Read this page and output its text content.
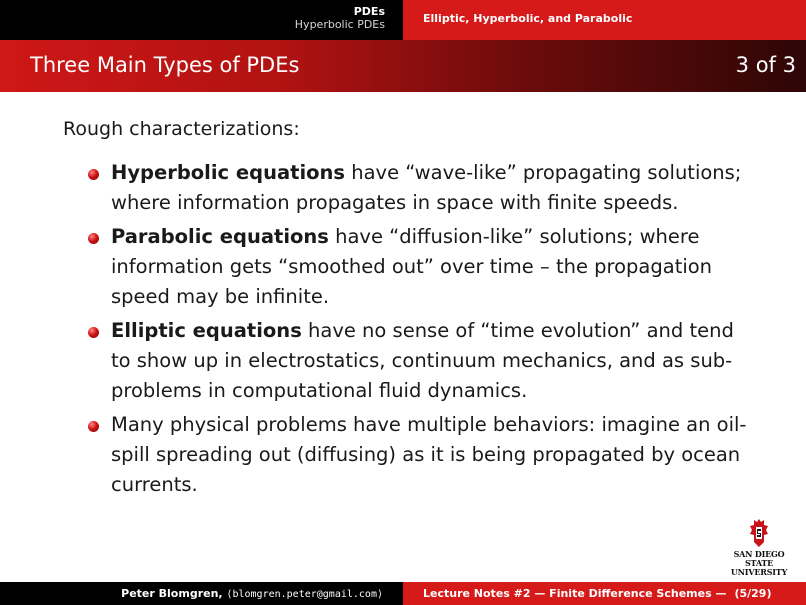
PDEs
Hyperbolic PDEs	Elliptic, Hyperbolic, and Parabolic
Three Main Types of PDEs	3 of 3
Rough characterizations:
Hyperbolic equations have “wave-like” propagating solutions; where information propagates in space with finite speeds.
Parabolic equations have “diffusion-like” solutions; where information gets “smoothed out” over time – the propagation speed may be infinite.
Elliptic equations have no sense of “time evolution” and tend to show up in electrostatics, continuum mechanics, and as sub-problems in computational fluid dynamics.
Many physical problems have multiple behaviors: imagine an oil-spill spreading out (diffusing) as it is being propagated by ocean currents.
SAN DIEGO STATE
UNIVERSITY
Peter Blomgren, ⟨blomgren.peter@gmail.com⟩	Lecture Notes #2 — Finite Difference Schemes — (5/29)
